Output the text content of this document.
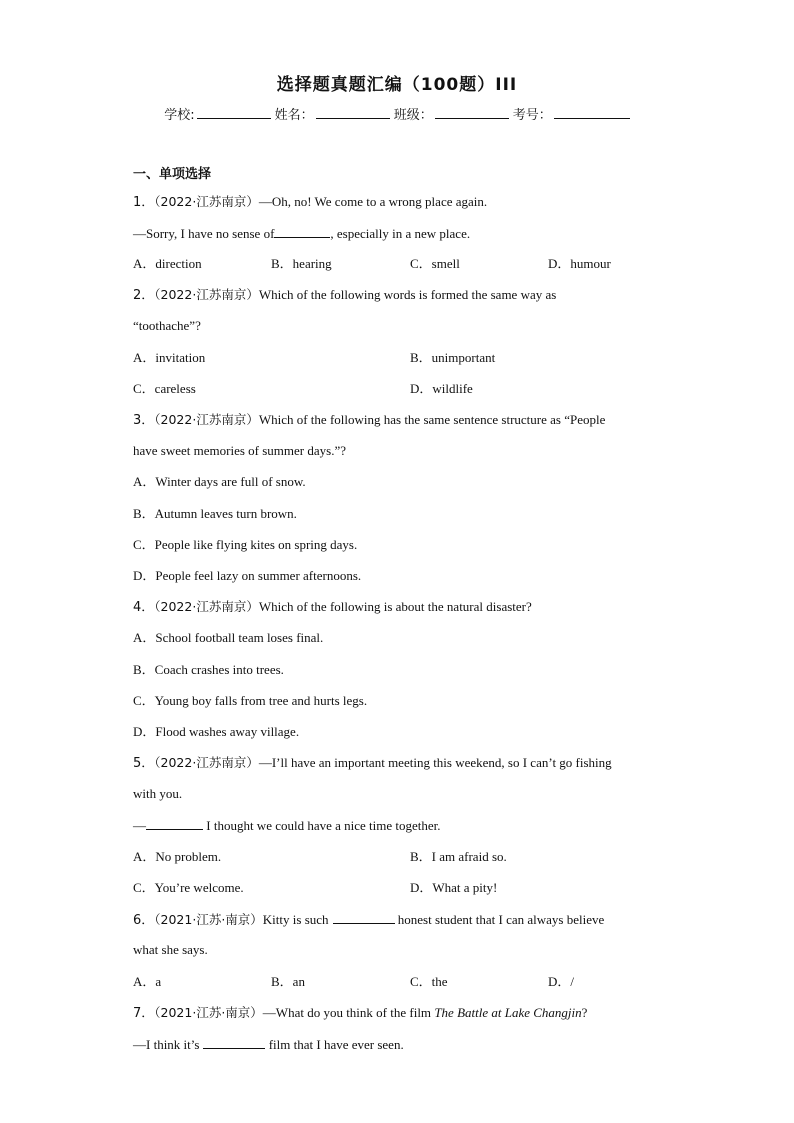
选择题真题汇编（100题）III
学校:	姓名：	班级：	考号：
一、单项选择
1．（2022·江苏南京）—Oh, no! We come to a wrong place again.
—Sorry, I have no sense of	, especially in a new place.
A．direction	B．hearing	C．smell	D．humour
2．（2022·江苏南京）Which of the following words is formed the same way as
“toothache”?
A．invitation	B．unimportant
C．careless	D．wildlife
3．（2022·江苏南京）Which of the following has the same sentence structure as “People
have sweet memories of summer days.”?
A．Winter days are full of snow.
B．Autumn leaves turn brown.
C．People like flying kites on spring days.
D．People feel lazy on summer afternoons.
4．（2022·江苏南京）Which of the following is about the natural disaster?
A．School football team loses final.
B．Coach crashes into trees.
C．Young boy falls from tree and hurts legs.
D．Flood washes away village.
5．（2022·江苏南京）—I’ll have an important meeting this weekend, so I can’t go fishing
with you.
—	I thought we could have a nice time together.
A．No problem.	B．I am afraid so.
C．You’re welcome.	D．What a pity!
6．（2021·江苏·南京）Kitty is such	honest student that I can always believe
what she says.
A．a	B．an	C．the	D．/
7．（2021·江苏·南京）—What do you think of the film The Battle at Lake Changjin?
—I think it’s	film that I have ever seen.
